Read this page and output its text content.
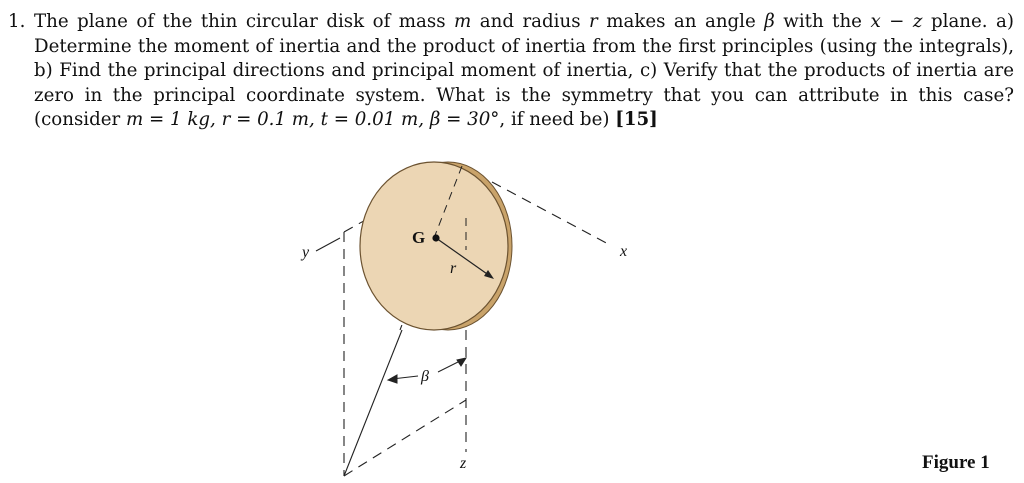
1. The plane of the thin circular disk of mass m and radius r makes an angle β with the x − z plane. a) Determine the moment of inertia and the product of inertia from the first principles (using the integrals), b) Find the principal directions and principal moment of inertia, c) Verify that the products of inertia are zero in the principal coordinate system. What is the symmetry that you can attribute in this case? (consider m = 1 kg, r = 0.1 m, t = 0.01 m, β = 30°, if need be) [15]
y	x
z
G
r
β
Figure 1
